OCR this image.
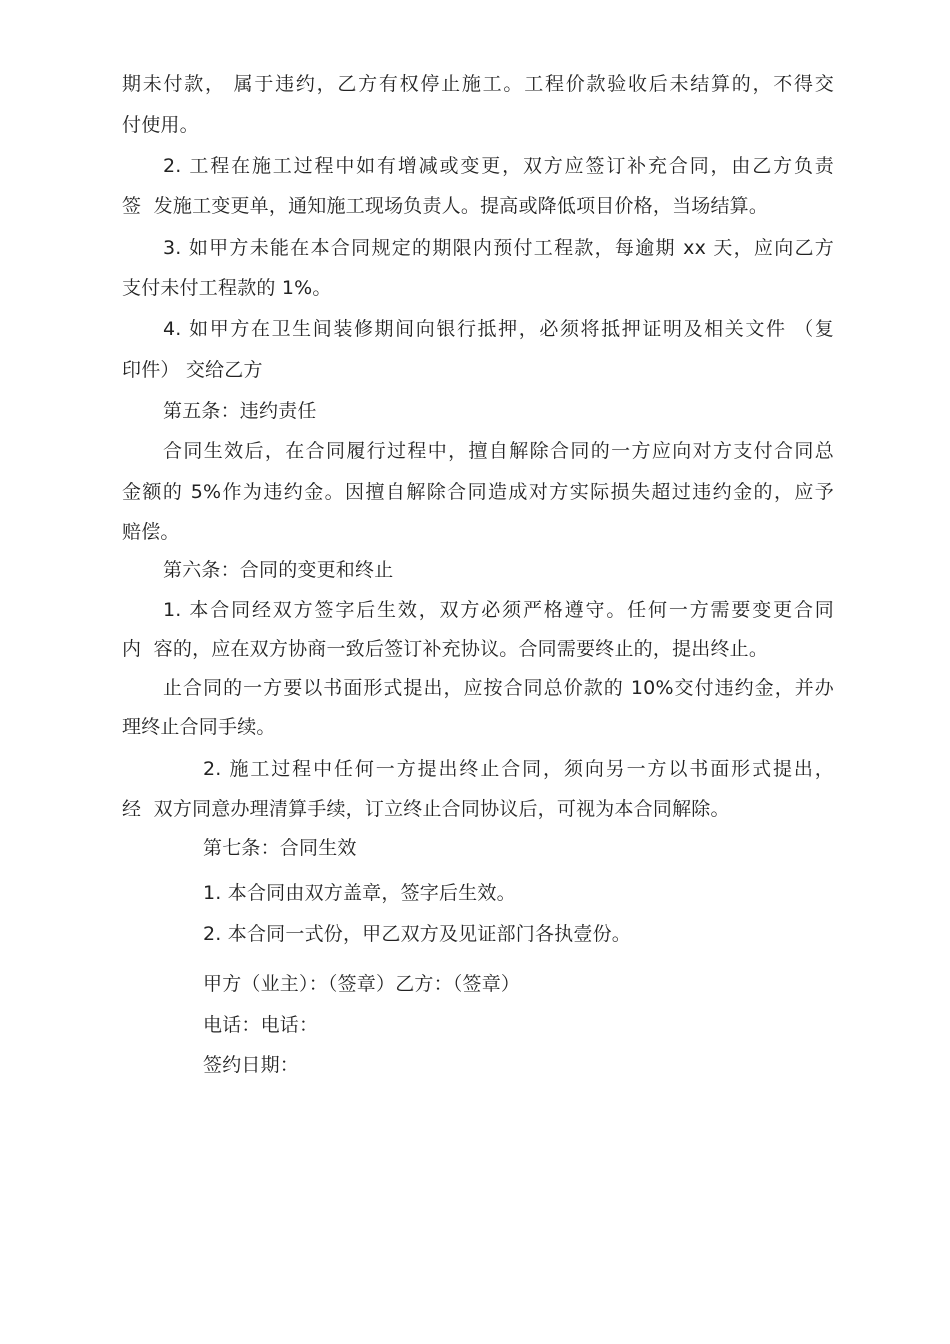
期未付款， 属于违约，乙方有权停止施工。工程价款验收后未结算的，不得交
付使用。
2. 工程在施工过程中如有增减或变更，双方应签订补充合同，由乙方负责
签  发施工变更单，通知施工现场负责人。提高或降低项目价格，当场结算。
3. 如甲方未能在本合同规定的期限内预付工程款，每逾期 xx 天，应向乙方
支付未付工程款的 1%。
4. 如甲方在卫生间装修期间向银行抵押，必须将抵押证明及相关文件 （复
印件） 交给乙方
第五条：违约责任
合同生效后，在合同履行过程中，擅自解除合同的一方应向对方支付合同总
金额的 5%作为违约金。因擅自解除合同造成对方实际损失超过违约金的，应予
赔偿。
第六条：合同的变更和终止
1. 本合同经双方签字后生效，双方必须严格遵守。任何一方需要变更合同
内  容的，应在双方协商一致后签订补充协议。合同需要终止的，提出终止。
止合同的一方要以书面形式提出，应按合同总价款的 10%交付违约金，并办
理终止合同手续。
2. 施工过程中任何一方提出终止合同，须向另一方以书面形式提出，
经  双方同意办理清算手续，订立终止合同协议后，可视为本合同解除。
第七条：合同生效
1. 本合同由双方盖章，签字后生效。
2. 本合同一式份，甲乙双方及见证部门各执壹份。
甲方（业主）：（签章）乙方：（签章）
电话：电话：
签约日期：
